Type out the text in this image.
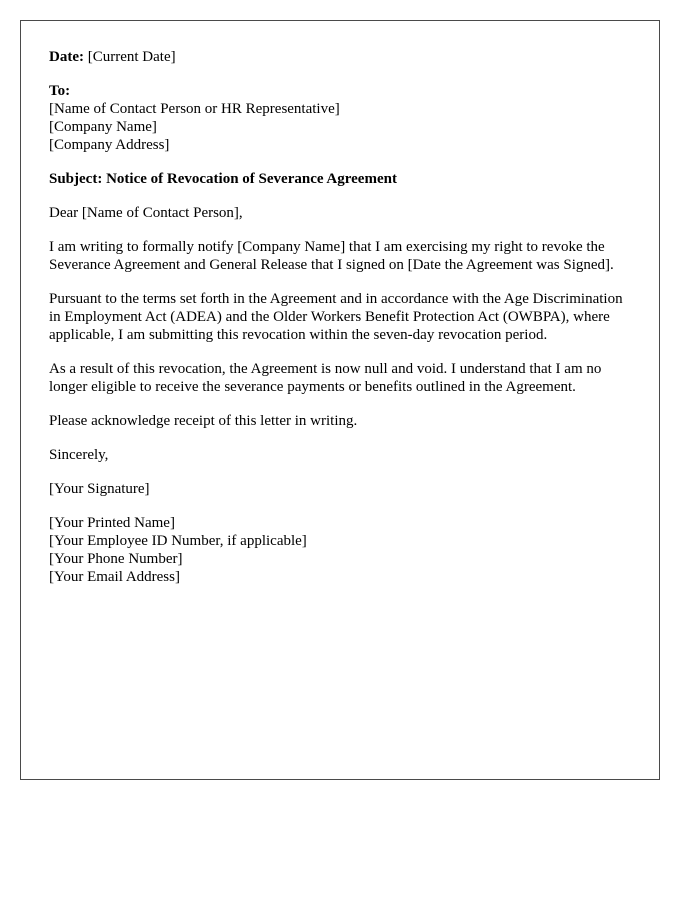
Date: [Current Date]

To:
[Name of Contact Person or HR Representative]
[Company Name]
[Company Address]

Subject: Notice of Revocation of Severance Agreement

Dear [Name of Contact Person],

I am writing to formally notify [Company Name] that I am exercising my right to revoke the Severance Agreement and General Release that I signed on [Date the Agreement was Signed].

Pursuant to the terms set forth in the Agreement and in accordance with the Age Discrimination in Employment Act (ADEA) and the Older Workers Benefit Protection Act (OWBPA), where applicable, I am submitting this revocation within the seven-day revocation period.

As a result of this revocation, the Agreement is now null and void. I understand that I am no longer eligible to receive the severance payments or benefits outlined in the Agreement.

Please acknowledge receipt of this letter in writing.

Sincerely,

[Your Signature]

[Your Printed Name]
[Your Employee ID Number, if applicable]
[Your Phone Number]
[Your Email Address]
